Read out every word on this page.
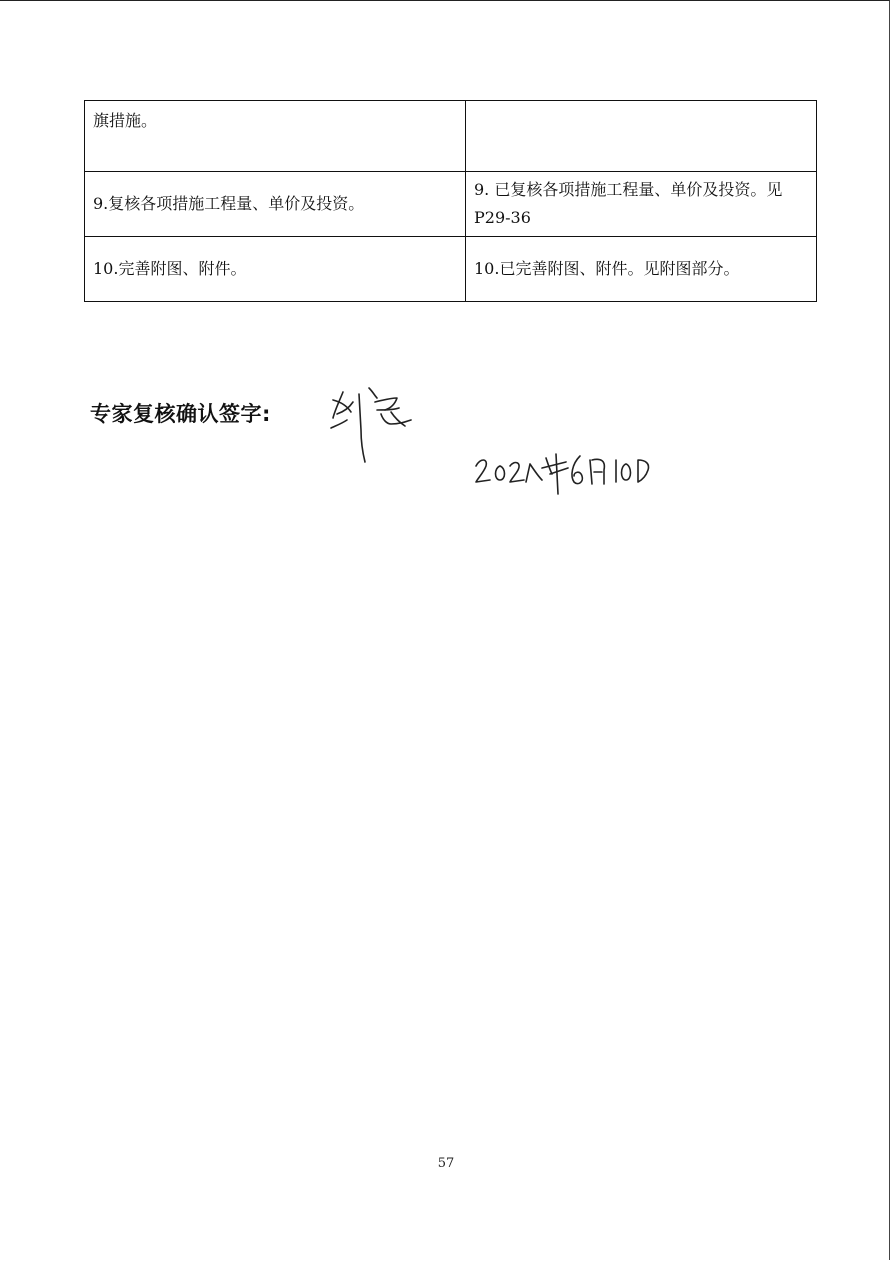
旗措施。	
9.复核各项措施工程量、单价及投资。	9. 已复核各项措施工程量、单价及投资。见P29-36
10.完善附图、附件。	10.已完善附图、附件。见附图部分。
专家复核确认签字:
57
